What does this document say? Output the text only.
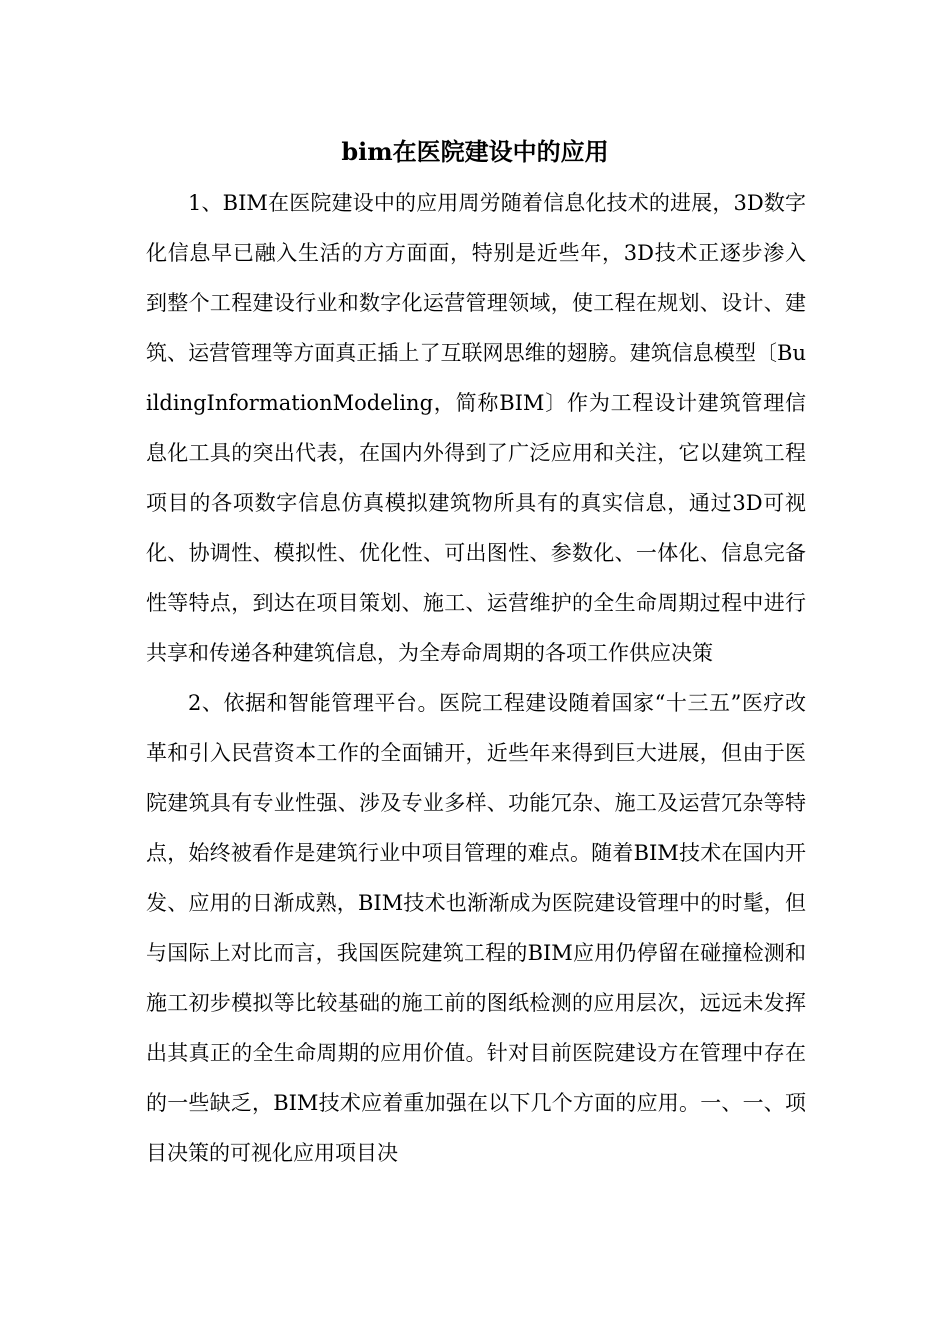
bim在医院建设中的应用

1、BIM在医院建设中的应用周労随着信息化技术的进展，3D数字化信息早已融入生活的方方面面，特别是近些年，3D技术正逐步渗入到整个工程建设行业和数字化运营管理领域，使工程在规划、设计、建筑、运营管理等方面真正插上了互联网思维的翅膀。建筑信息模型〔BuildingInformationModeling，简称BIM〕作为工程设计建筑管理信息化工具的突出代表，在国内外得到了广泛应用和关注，它以建筑工程项目的各项数字信息仿真模拟建筑物所具有的真实信息，通过3D可视化、协调性、模拟性、优化性、可出图性、参数化、一体化、信息完备性等特点，到达在项目策划、施工、运营维护的全生命周期过程中进行共享和传递各种建筑信息，为全寿命周期的各项工作供应决策

2、依据和智能管理平台。医院工程建设随着国家“十三五”医疗改革和引入民营资本工作的全面铺开，近些年来得到巨大进展，但由于医院建筑具有专业性强、涉及专业多样、功能冗杂、施工及运营冗杂等特点，始终被看作是建筑行业中项目管理的难点。随着BIM技术在国内开发、应用的日渐成熟，BIM技术也渐渐成为医院建设管理中的时髦，但与国际上对比而言，我国医院建筑工程的BIM应用仍停留在碰撞检测和施工初步模拟等比较基础的施工前的图纸检测的应用层次，远远未发挥出其真正的全生命周期的应用价值。针对目前医院建设方在管理中存在的一些缺乏，BIM技术应着重加强在以下几个方面的应用。一、一、项目决策的可视化应用项目决
